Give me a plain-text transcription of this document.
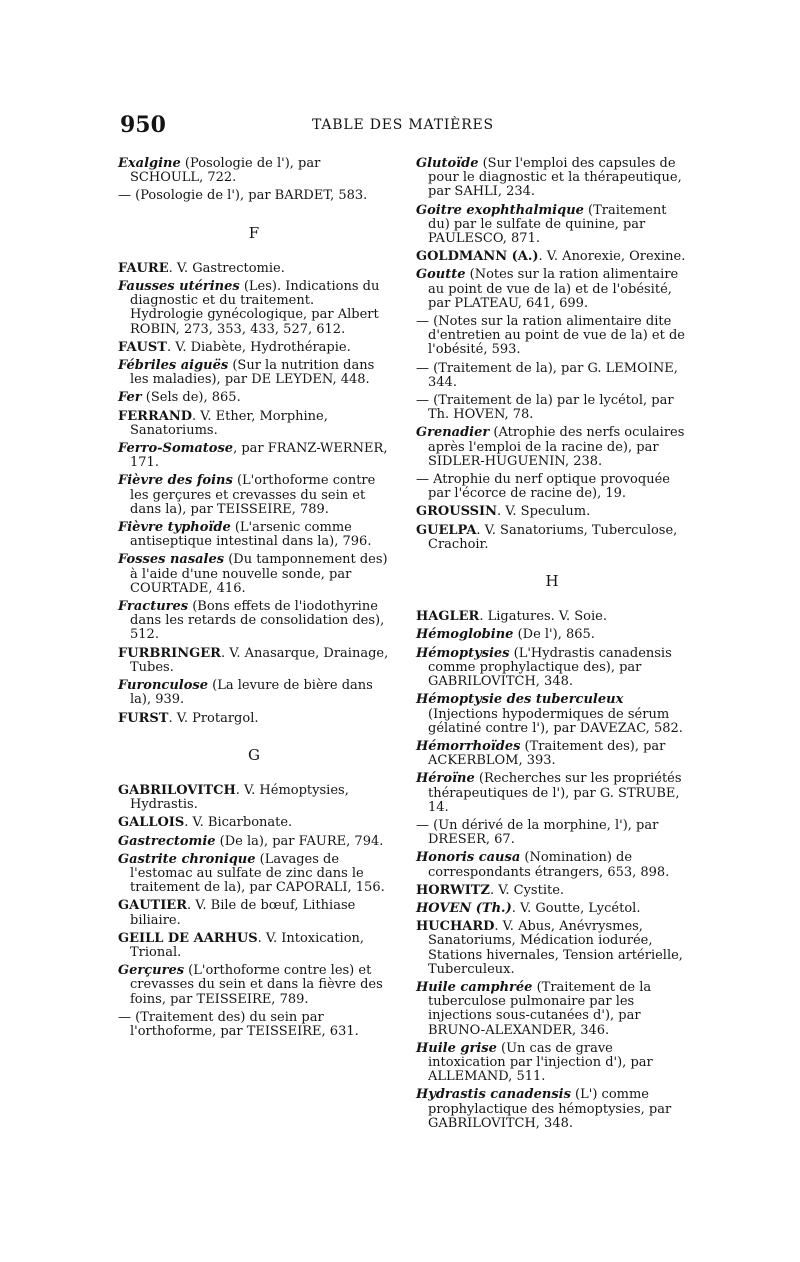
950	TABLE DES MATIÈRES

Exalgine (Posologie de l'), par SCHOULL, 722.

— (Posologie de l'), par BARDET, 583.

F

FAURE. V. Gastrectomie.

Fausses utérines (Les). Indications du diagnostic et du traitement. Hydrologie gynécologique, par Albert ROBIN, 273, 353, 433, 527, 612.

FAUST. V. Diabète, Hydrothérapie.

Fébriles aiguës (Sur la nutrition dans les maladies), par DE LEYDEN, 448.

Fer (Sels de), 865.

FERRAND. V. Ether, Morphine, Sanatoriums.

Ferro-Somatose, par FRANZ-WERNER, 171.

Fièvre des foins (L'orthoforme contre les gerçures et crevasses du sein et dans la), par TEISSEIRE, 789.

Fièvre typhoïde (L'arsenic comme antiseptique intestinal dans la), 796.

Fosses nasales (Du tamponnement des) à l'aide d'une nouvelle sonde, par COURTADE, 416.

Fractures (Bons effets de l'iodothyrine dans les retards de consolidation des), 512.

FURBRINGER. V. Anasarque, Drainage, Tubes.

Furonculose (La levure de bière dans la), 939.

FURST. V. Protargol.

G

GABRILOVITCH. V. Hémoptysies, Hydrastis.

GALLOIS. V. Bicarbonate.

Gastrectomie (De la), par FAURE, 794.

Gastrite chronique (Lavages de l'estomac au sulfate de zinc dans le traitement de la), par CAPORALI, 156.

GAUTIER. V. Bile de bœuf, Lithiase biliaire.

GEILL DE AARHUS. V. Intoxication, Trional.

Gerçures (L'orthoforme contre les) et crevasses du sein et dans la fièvre des foins, par TEISSEIRE, 789.

— (Traitement des) du sein par l'orthoforme, par TEISSEIRE, 631.

Glutoïde (Sur l'emploi des capsules de pour le diagnostic et la thérapeutique, par SAHLI, 234.

Goitre exophthalmique (Traitement du) par le sulfate de quinine, par PAULESCO, 871.

GOLDMANN (A.). V. Anorexie, Orexine.

Goutte (Notes sur la ration alimentaire au point de vue de la) et de l'obésité, par PLATEAU, 641, 699.

— (Notes sur la ration alimentaire dite d'entretien au point de vue de la) et de l'obésité, 593.

— (Traitement de la), par G. LEMOINE, 344.

— (Traitement de la) par le lycétol, par Th. HOVEN, 78.

Grenadier (Atrophie des nerfs oculaires après l'emploi de la racine de), par SIDLER-HUGUENIN, 238.

— Atrophie du nerf optique provoquée par l'écorce de racine de), 19.

GROUSSIN. V. Speculum.

GUELPA. V. Sanatoriums, Tuberculose, Crachoir.

H

HAGLER. Ligatures. V. Soie.

Hémoglobine (De l'), 865.

Hémoptysies (L'Hydrastis canadensis comme prophylactique des), par GABRILOVITCH, 348.

Hémoptysie des tuberculeux (Injections hypodermiques de sérum gélatiné contre l'), par DAVEZAC, 582.

Hémorrhoïdes (Traitement des), par ACKERBLOM, 393.

Héroïne (Recherches sur les propriétés thérapeutiques de l'), par G. STRUBE, 14.

— (Un dérivé de la morphine, l'), par DRESER, 67.

Honoris causa (Nomination) de correspondants étrangers, 653, 898.

HORWITZ. V. Cystite.

HOVEN (Th.). V. Goutte, Lycétol.

HUCHARD. V. Abus, Anévrysmes, Sanatoriums, Médication iodurée, Stations hivernales, Tension artérielle, Tuberculeux.

Huile camphrée (Traitement de la tuberculose pulmonaire par les injections sous-cutanées d'), par BRUNO-ALEXANDER, 346.

Huile grise (Un cas de grave intoxication par l'injection d'), par ALLEMAND, 511.

Hydrastis canadensis (L') comme prophylactique des hémoptysies, par GABRILOVITCH, 348.
